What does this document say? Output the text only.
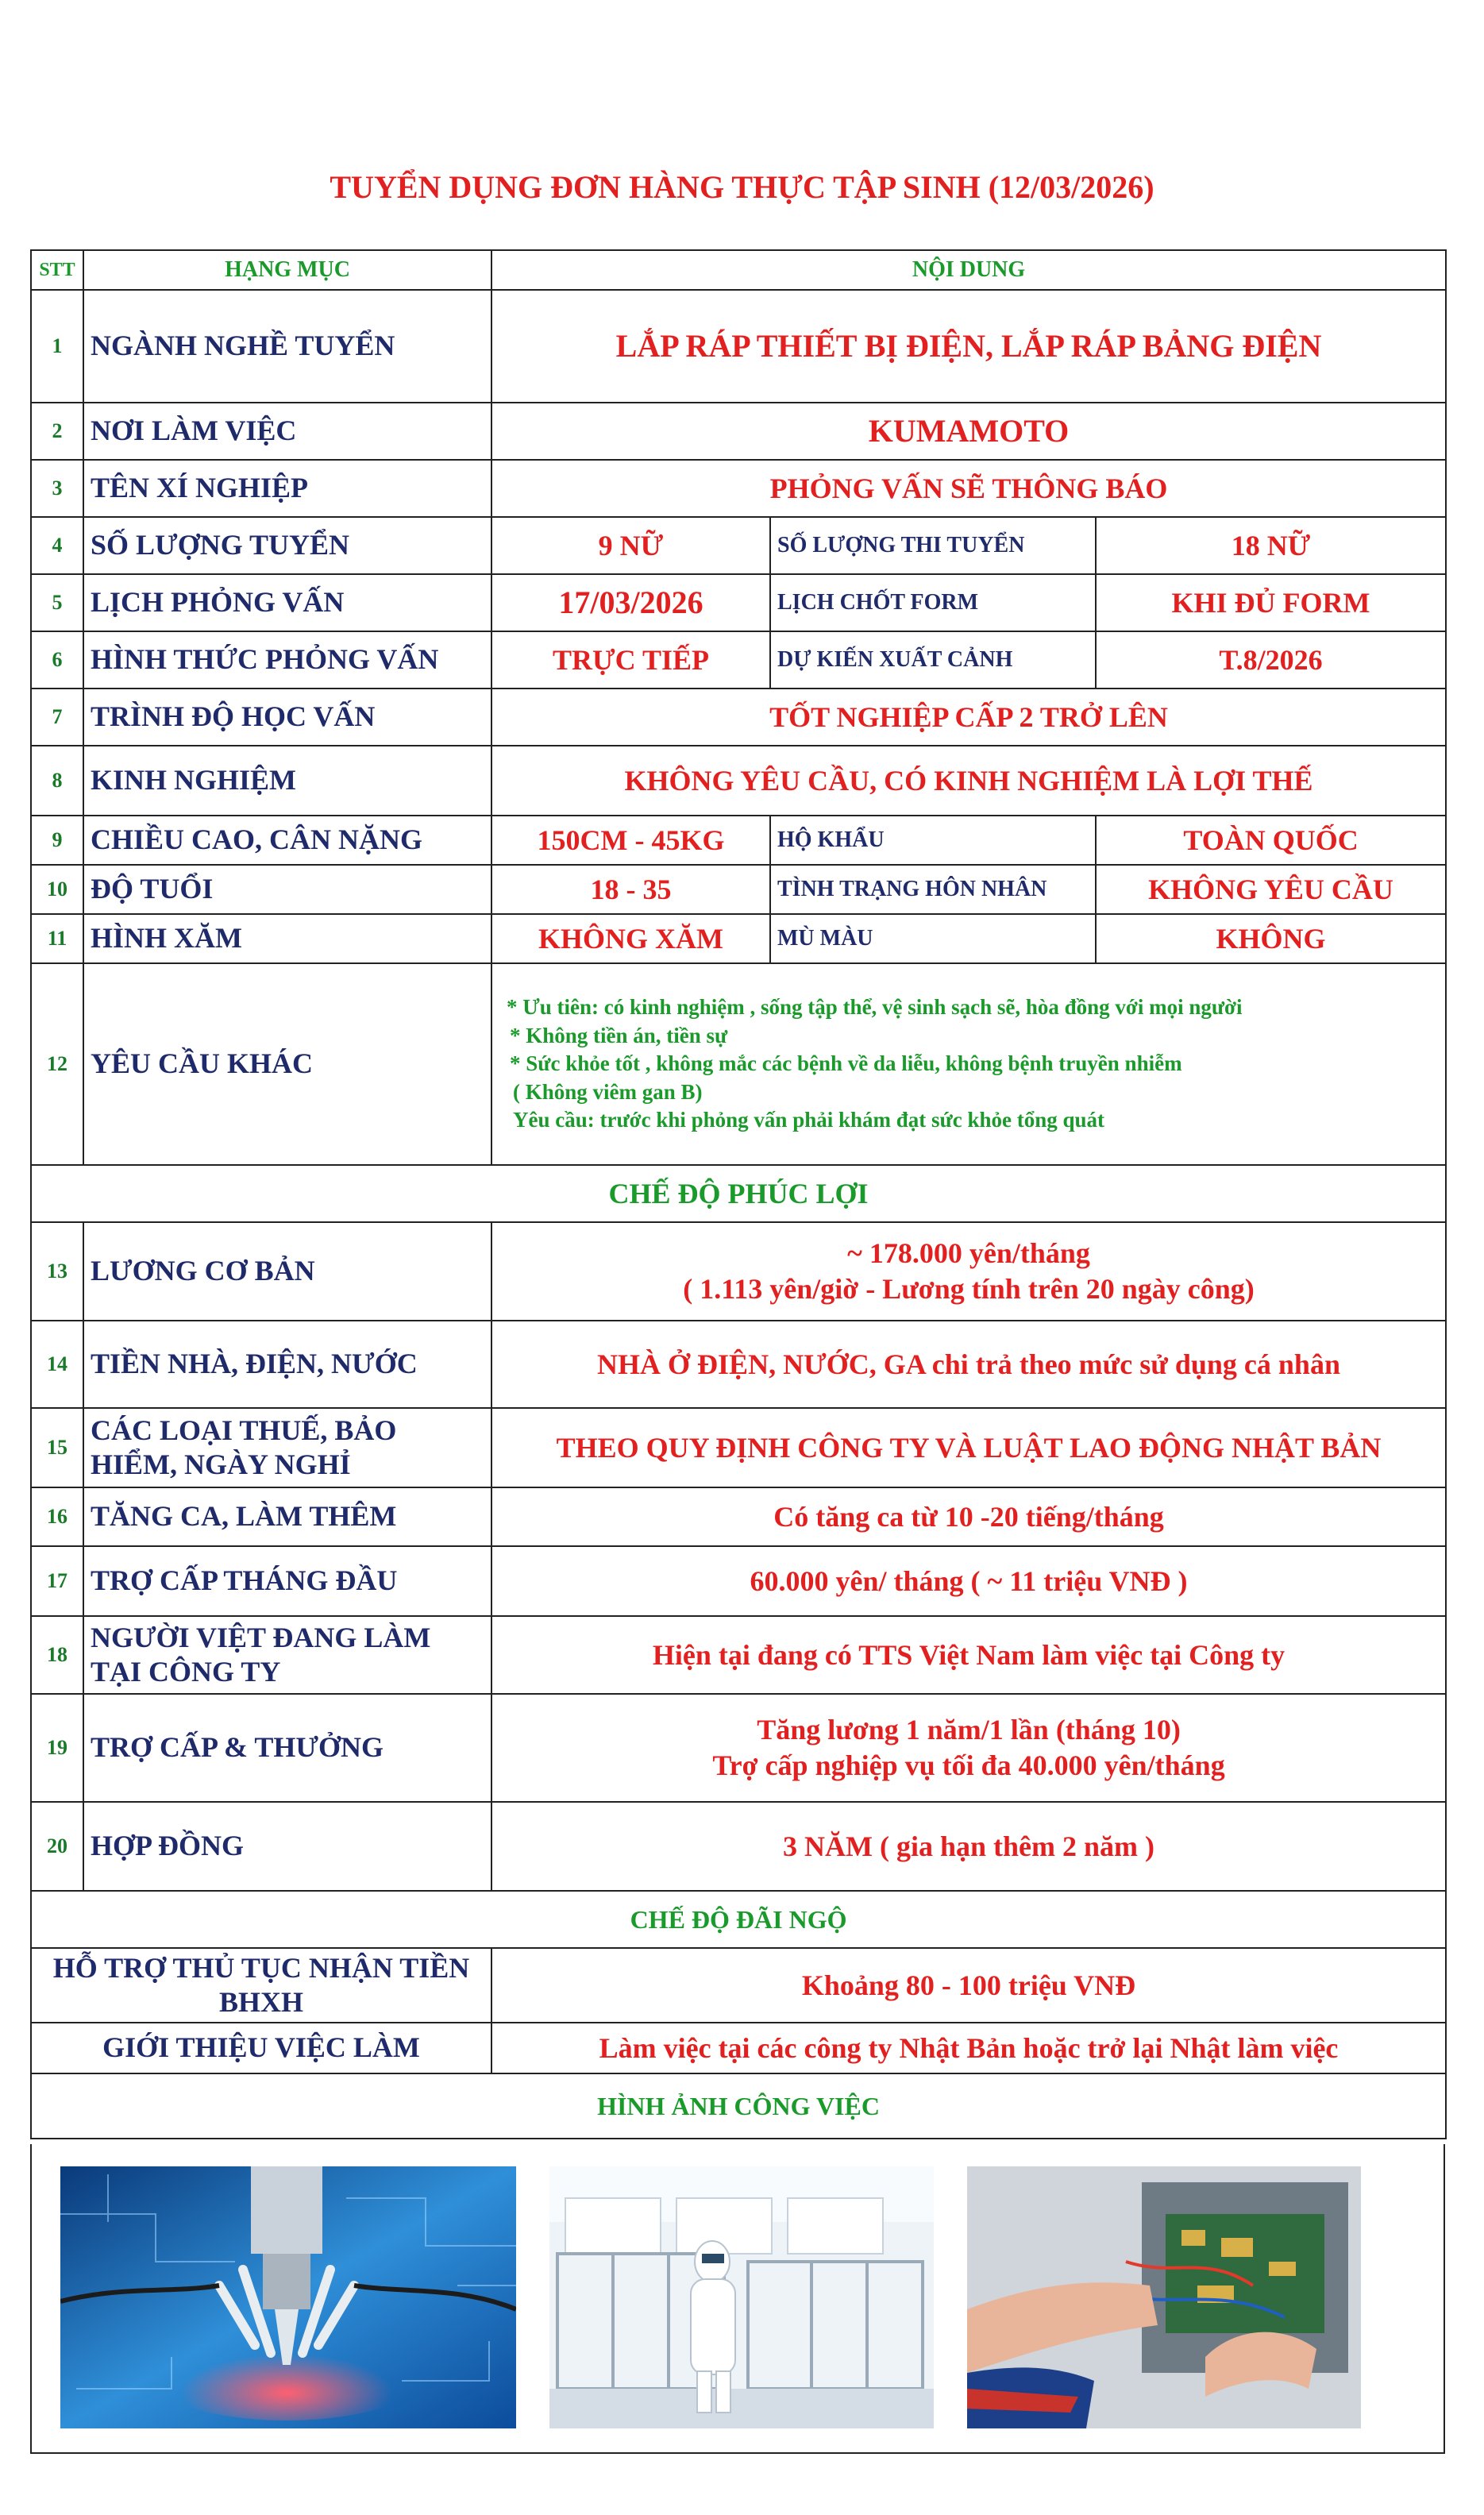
TUYỂN DỤNG ĐƠN HÀNG THỰC TẬP SINH (12/03/2026)
STT	HẠNG MỤC	NỘI DUNG		
1	NGÀNH NGHỀ TUYỂN	LẮP RÁP THIẾT BỊ ĐIỆN, LẮP RÁP BẢNG ĐIỆN		
2	NƠI LÀM VIỆC	KUMAMOTO		
3	TÊN XÍ NGHIỆP	PHỎNG VẤN SẼ THÔNG BÁO		
4	SỐ LƯỢNG TUYỂN	9 NỮ	SỐ LƯỢNG THI TUYỂN	18 NỮ
5	LỊCH PHỎNG VẤN	17/03/2026	LỊCH CHỐT FORM	KHI ĐỦ FORM
6	HÌNH THỨC PHỎNG VẤN	TRỰC TIẾP	DỰ KIẾN XUẤT CẢNH	T.8/2026
7	TRÌNH ĐỘ HỌC VẤN	TỐT NGHIỆP CẤP 2 TRỞ LÊN		
8	KINH NGHIỆM	KHÔNG YÊU CẦU, CÓ KINH NGHIỆM LÀ LỢI THẾ		
9	CHIỀU CAO, CÂN NẶNG	150CM - 45KG	HỘ KHẨU	TOÀN QUỐC
10	ĐỘ TUỔI	18 - 35	TÌNH TRẠNG HÔN NHÂN	KHÔNG YÊU CẦU
11	HÌNH XĂM	KHÔNG XĂM	MÙ MÀU	KHÔNG
12	YÊU CẦU KHÁC	* Ưu tiên: có kinh nghiệm , sống tập thể, vệ sinh sạch sẽ, hòa đồng với mọi người
* Không tiền án, tiền sự
* Sức khỏe tốt , không mắc các bệnh về da liễu, không bệnh truyền nhiễm
( Không viêm gan B)
Yêu cầu: trước khi phỏng vấn phải khám đạt sức khỏe tổng quát		

CHẾ ĐỘ PHÚC LỢI				
13	LƯƠNG CƠ BẢN	~ 178.000 yên/tháng
( 1.113 yên/giờ - Lương tính trên 20 ngày công)		

14	TIỀN NHÀ, ĐIỆN, NƯỚC	NHÀ Ở ĐIỆN, NƯỚC, GA chi trả theo mức sử dụng cá nhân		
15	CÁC LOẠI THUẾ, BẢO HIỂM, NGÀY NGHỈ	THEO QUY ĐỊNH CÔNG TY VÀ LUẬT LAO ĐỘNG NHẬT BẢN		
16	TĂNG CA, LÀM THÊM	Có tăng ca từ 10 -20 tiếng/tháng		
17	TRỢ CẤP THÁNG ĐẦU	60.000 yên/ tháng ( ~ 11 triệu VNĐ )		
18	NGƯỜI VIỆT ĐANG LÀM TẠI CÔNG TY	Hiện tại đang có TTS Việt Nam làm việc tại Công ty		
19	TRỢ CẤP & THƯỞNG	Tăng lương 1 năm/1 lần (tháng 10)
Trợ cấp nghiệp vụ tối đa 40.000 yên/tháng		

20	HỢP ĐỒNG	3 NĂM ( gia hạn thêm 2 năm )		
CHẾ ĐỘ ĐÃI NGỘ				
HỖ TRỢ THỦ TỤC NHẬN TIỀN BHXH		Khoảng 80 - 100 triệu VNĐ		
GIỚI THIỆU VIỆC LÀM		Làm việc tại các công ty Nhật Bản hoặc trở lại Nhật làm việc		
HÌNH ẢNH CÔNG VIỆC				
